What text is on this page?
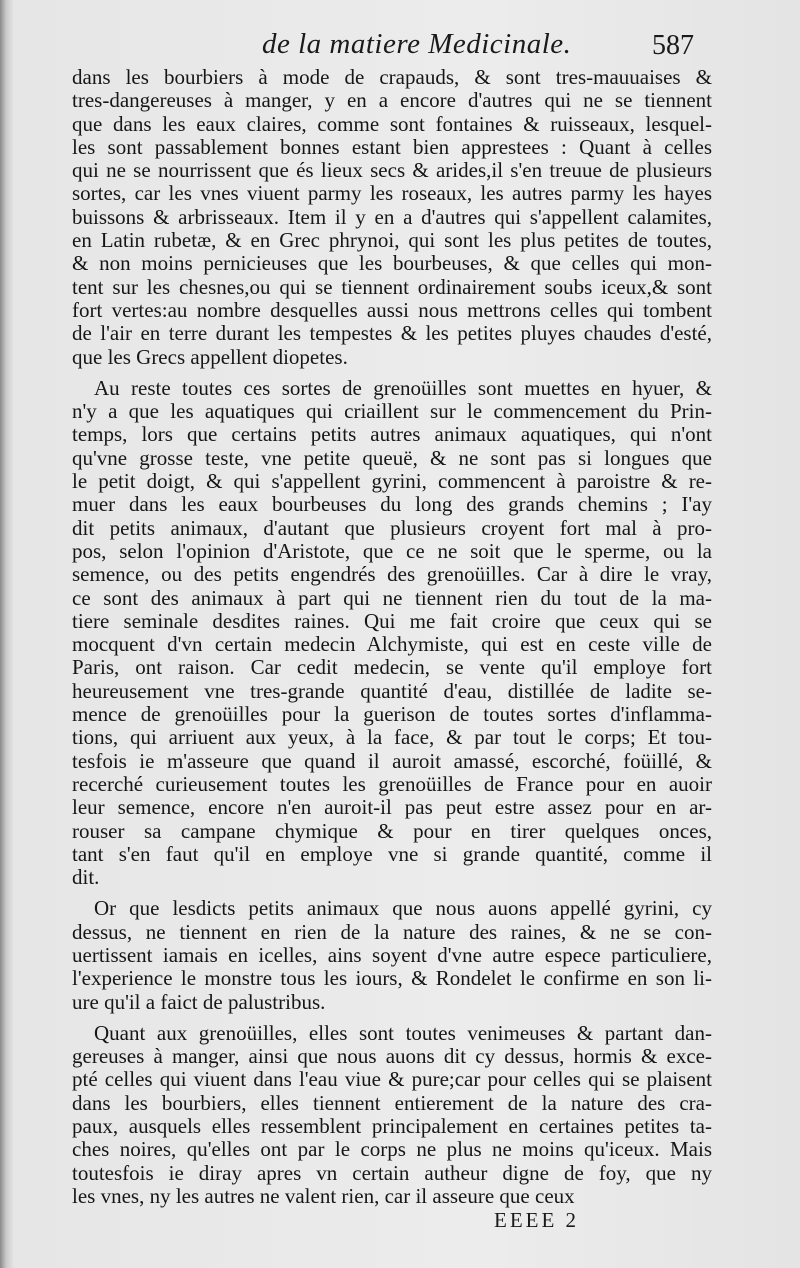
de la matiere Medicinale.	587
dans les bourbiers à mode de crapauds, & sont tres-mauuaises &
tres-dangereuses à manger, y en a encore d'autres qui ne se tiennent
que dans les eaux claires, comme sont fontaines & ruisseaux, lesquel-
les sont passablement bonnes estant bien apprestees : Quant à celles
qui ne se nourrissent que és lieux secs & arides,il s'en treuue de plusieurs
sortes, car les vnes viuent parmy les roseaux, les autres parmy les hayes
buissons & arbrisseaux. Item il y en a d'autres qui s'appellent calamites,
en Latin rubetæ, & en Grec phrynoi, qui sont les plus petites de toutes,
& non moins pernicieuses que les bourbeuses, & que celles qui mon-
tent sur les chesnes,ou qui se tiennent ordinairement soubs iceux,& sont
fort vertes:au nombre desquelles aussi nous mettrons celles qui tombent
de l'air en terre durant les tempestes & les petites pluyes chaudes d'esté,
que les Grecs appellent diopetes.
Au reste toutes ces sortes de grenoüilles sont muettes en hyuer, &
n'y a que les aquatiques qui criaillent sur le commencement du Prin-
temps, lors que certains petits autres animaux aquatiques, qui n'ont
qu'vne grosse teste, vne petite queuë, & ne sont pas si longues que
le petit doigt, & qui s'appellent gyrini, commencent à paroistre & re-
muer dans les eaux bourbeuses du long des grands chemins ; I'ay
dit petits animaux, d'autant que plusieurs croyent fort mal à pro-
pos, selon l'opinion d'Aristote, que ce ne soit que le sperme, ou la
semence, ou des petits engendrés des grenoüilles. Car à dire le vray,
ce sont des animaux à part qui ne tiennent rien du tout de la ma-
tiere seminale desdites raines. Qui me fait croire que ceux qui se
mocquent d'vn certain medecin Alchymiste, qui est en ceste ville de
Paris, ont raison. Car cedit medecin, se vente qu'il employe fort
heureusement vne tres-grande quantité d'eau, distillée de ladite se-
mence de grenoüilles pour la guerison de toutes sortes d'inflamma-
tions, qui arriuent aux yeux, à la face, & par tout le corps; Et tou-
tesfois ie m'asseure que quand il auroit amassé, escorché, foüillé, &
recerché curieusement toutes les grenoüilles de France pour en auoir
leur semence, encore n'en auroit-il pas peut estre assez pour en ar-
rouser sa campane chymique & pour en tirer quelques onces,
tant s'en faut qu'il en employe vne si grande quantité, comme il
dit.
Or que lesdicts petits animaux que nous auons appellé gyrini, cy
dessus, ne tiennent en rien de la nature des raines, & ne se con-
uertissent iamais en icelles, ains soyent d'vne autre espece particuliere,
l'experience le monstre tous les iours, & Rondelet le confirme en son li-
ure qu'il a faict de palustribus.
Quant aux grenoüilles, elles sont toutes venimeuses & partant dan-
gereuses à manger, ainsi que nous auons dit cy dessus, hormis & exce-
pté celles qui viuent dans l'eau viue & pure;car pour celles qui se plaisent
dans les bourbiers, elles tiennent entierement de la nature des cra-
paux, ausquels elles ressemblent principalement en certaines petites ta-
ches noires, qu'elles ont par le corps ne plus ne moins qu'iceux. Mais
toutesfois ie diray apres vn certain autheur digne de foy, que ny
les vnes, ny les autres ne valent rien, car il asseure que ceux
EEEE 2
